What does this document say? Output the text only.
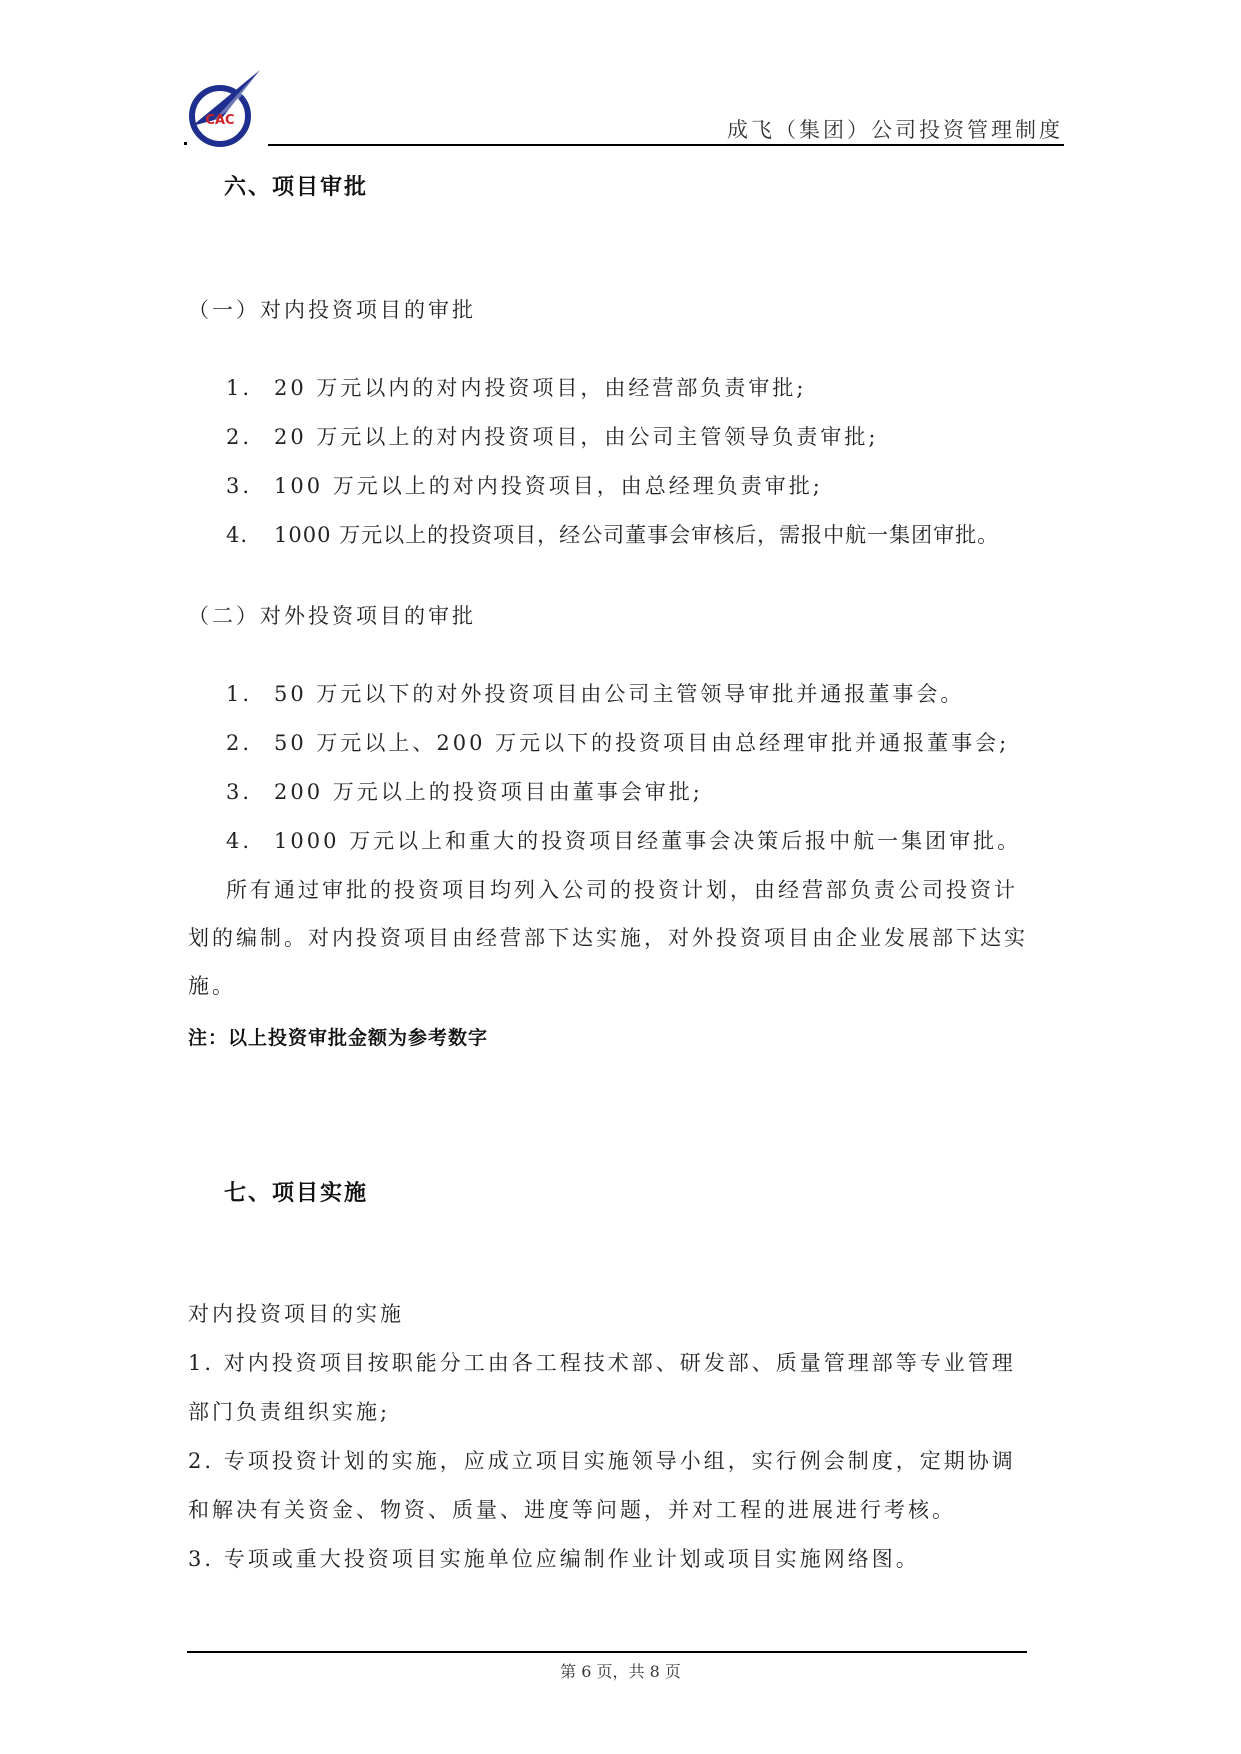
CAC	成飞（集团）公司投资管理制度
六、项目审批
（一）对内投资项目的审批
1. 20 万元以内的对内投资项目，由经营部负责审批;
2. 20 万元以上的对内投资项目，由公司主管领导负责审批;
3. 100 万元以上的对内投资项目，由总经理负责审批;
4. 1000 万元以上的投资项目，经公司董事会审核后，需报中航一集团审批。
（二）对外投资项目的审批
1. 50 万元以下的对外投资项目由公司主管领导审批并通报董事会。
2. 50 万元以上、200 万元以下的投资项目由总经理审批并通报董事会;
3. 200 万元以上的投资项目由董事会审批;
4. 1000 万元以上和重大的投资项目经董事会决策后报中航一集团审批。
所有通过审批的投资项目均列入公司的投资计划，由经营部负责公司投资计
划的编制。对内投资项目由经营部下达实施，对外投资项目由企业发展部下达实
施。
注：以上投资审批金额为参考数字
七、项目实施
对内投资项目的实施
1. 对内投资项目按职能分工由各工程技术部、研发部、质量管理部等专业管理
部门负责组织实施;
2. 专项投资计划的实施，应成立项目实施领导小组，实行例会制度，定期协调
和解决有关资金、物资、质量、进度等问题，并对工程的进展进行考核。
3. 专项或重大投资项目实施单位应编制作业计划或项目实施网络图。
第 6 页，共 8 页
